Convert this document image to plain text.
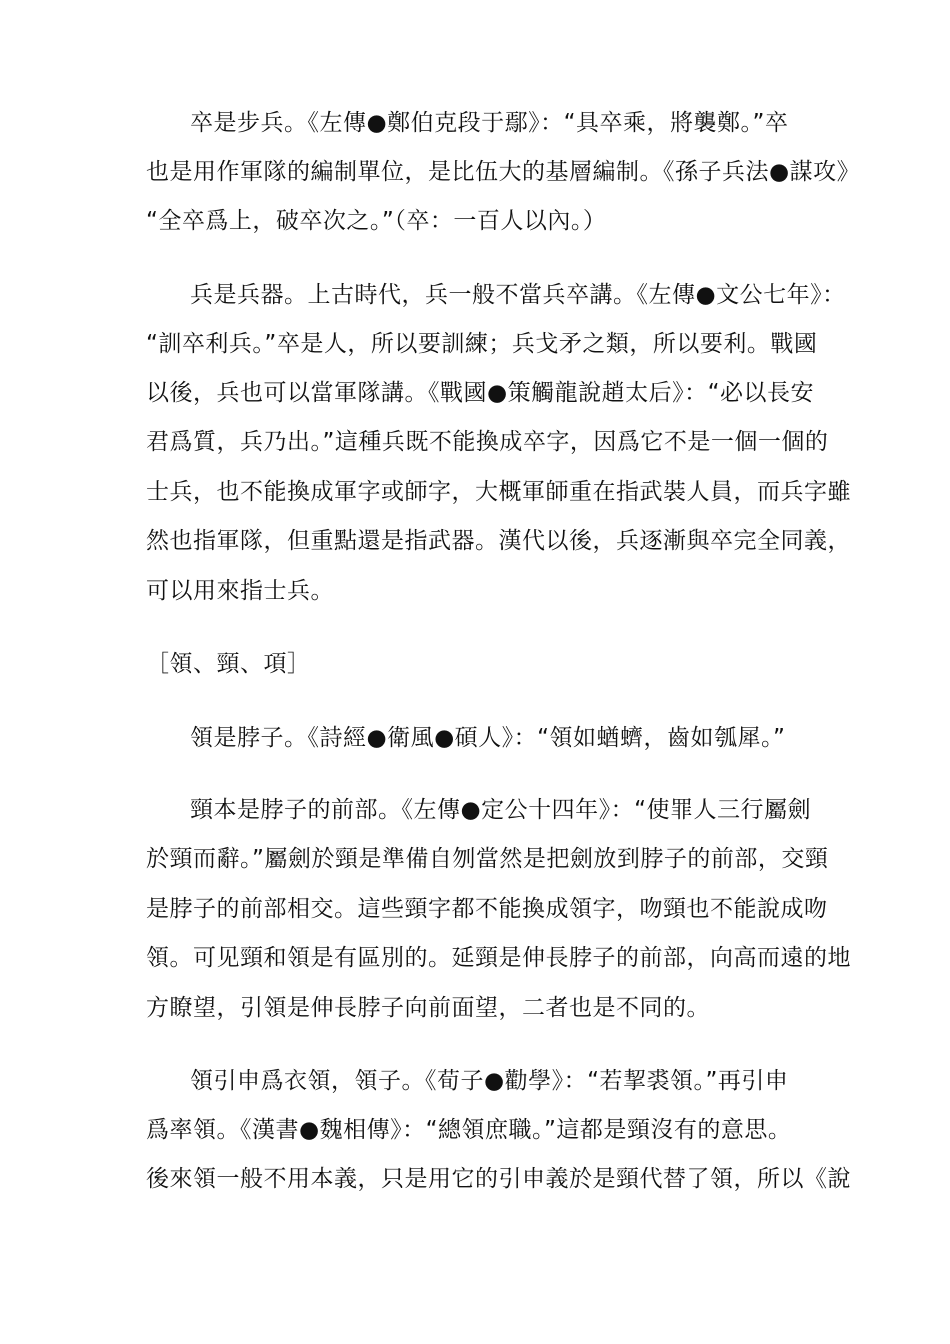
卒是步兵。《左傳●鄭伯克段于鄢》：“具卒乘，將襲鄭。”卒
也是用作軍隊的編制單位，是比伍大的基層編制。《孫子兵法●謀攻》
“全卒爲上，破卒次之。”（卒：一百人以內。）
兵是兵器。上古時代，兵一般不當兵卒講。《左傳●文公七年》：
“訓卒利兵。”卒是人，所以要訓練；兵戈矛之類，所以要利。戰國
以後，兵也可以當軍隊講。《戰國●策觸龍說趙太后》：“必以長安
君爲質，兵乃出。”這種兵既不能換成卒字，因爲它不是一個一個的
士兵，也不能換成軍字或師字，大概軍師重在指武裝人員，而兵字雖
然也指軍隊，但重點還是指武器。漢代以後，兵逐漸與卒完全同義，
可以用來指士兵。
［領、頸、項］
領是脖子。《詩經●衛風●碩人》：“領如蝤蠐，齒如瓠犀。”
頸本是脖子的前部。《左傳●定公十四年》：“使罪人三行屬劍
於頸而辭。”屬劍於頸是準備自刎當然是把劍放到脖子的前部，交頸
是脖子的前部相交。這些頸字都不能換成領字，吻頸也不能說成吻
領。可见頸和領是有區別的。延頸是伸長脖子的前部，向高而遠的地
方瞭望，引領是伸長脖子向前面望，二者也是不同的。
領引申爲衣領，領子。《荀子●勸學》：“若挈裘領。”再引申
爲率領。《漢書●魏相傳》：“總領庶職。”這都是頸沒有的意思。
後來領一般不用本義，只是用它的引申義於是頸代替了領，所以《說
